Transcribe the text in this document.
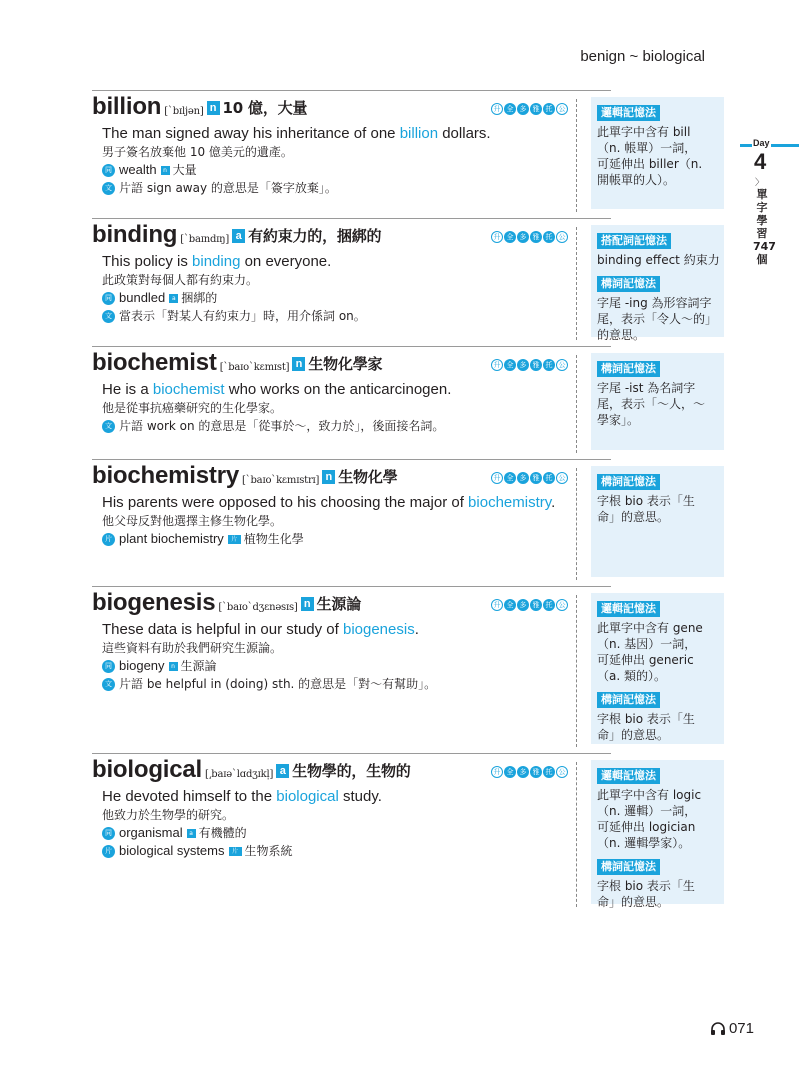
benign ~ biological
Day
4
〉
單字學習747個
billion [ˋbɪljən] n 10 億，大量	升 全 多 雅 托 公
The man signed away his inheritance of one billion dollars.
男子簽名放棄他 10 億美元的遺產。
同 wealth	n 大量
文 片語 sign away 的意思是「簽字放棄」。
邏輯記憶法
此單字中含有 bill
（n. 帳單）一詞，
可延伸出 biller（n.
開帳單的人）。
binding [ˋbaɪndɪŋ] a 有約束力的，捆綁的	升 全 多 雅 托 公
This policy is binding on everyone.
此政策對每個人都有約束力。
同 bundled	a 捆綁的
文 當表示「對某人有約束力」時，用介係詞 on。
搭配詞記憶法
binding effect 約束力
構詞記憶法
字尾 -ing 為形容詞字
尾，表示「令人～的」
的意思。
biochemist [ˋbaɪoˋkɛmɪst] n 生物化學家	升 全 多 雅 托 公
He is a biochemist who works on the anticarcinogen.
他是從事抗癌藥研究的生化學家。
文 片語 work on 的意思是「從事於～，致力於」，後面接名詞。
構詞記憶法
字尾 -ist 為名詞字
尾，表示「～人，～
學家」。
biochemistry [ˋbaɪoˋkɛmɪstrɪ] n 生物化學	升 全 多 雅 托 公
His parents were opposed to his choosing the major of biochemistry.
他父母反對他選擇主修生物化學。
片 plant biochemistry	片 植物生化學
構詞記憶法
字根 bio 表示「生
命」的意思。
biogenesis [ˋbaɪoˋdʒɛnəsɪs] n 生源論	升 全 多 雅 托 公
These data is helpful in our study of biogenesis.
這些資料有助於我們研究生源論。
同 biogeny	n 生源論
文 片語 be helpful in (doing) sth. 的意思是「對～有幫助」。
邏輯記憶法
此單字中含有 gene
（n. 基因）一詞，
可延伸出 generic
（a. 類的）。
構詞記憶法
字根 bio 表示「生
命」的意思。
biological [͵baɪəˋlɑdʒɪkl̩] a 生物學的，生物的	升 全 多 雅 托 公
He devoted himself to the biological study.
他致力於生物學的研究。
同 organismal	a 有機體的
片 biological systems	片 生物系統
邏輯記憶法
此單字中含有 logic
（n. 邏輯）一詞，
可延伸出 logician
（n. 邏輯學家）。
構詞記憶法
字根 bio 表示「生
命」的意思。
071
